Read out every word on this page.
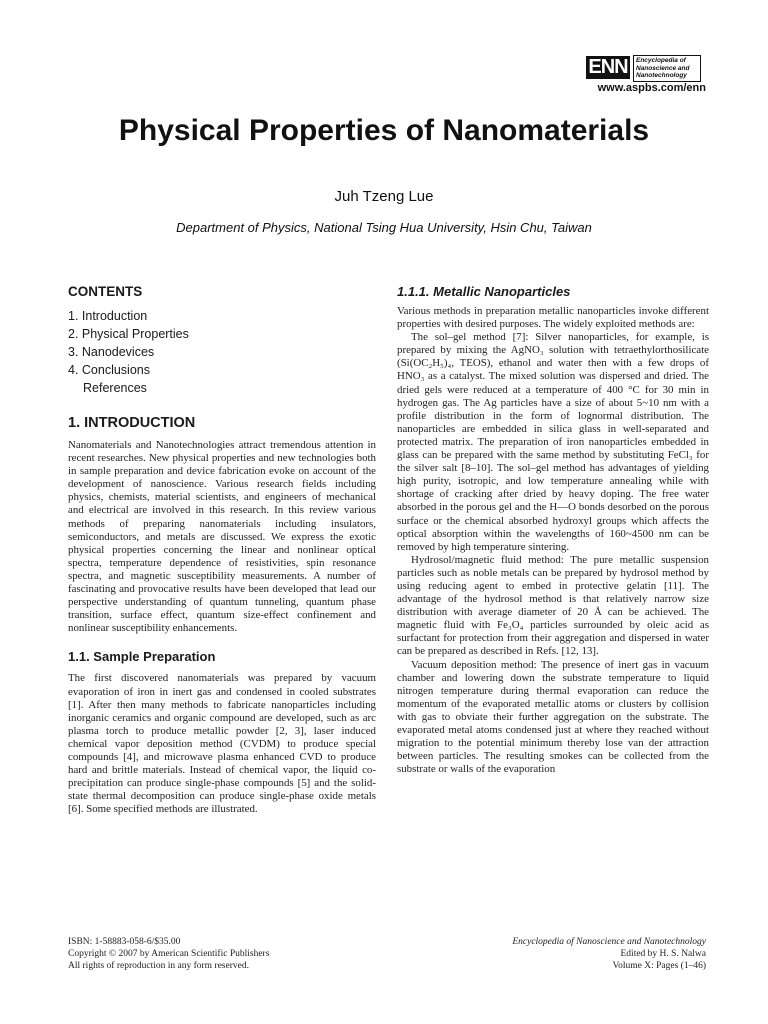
ENN	Encyclopedia of
Nanoscience and
Nanotechnology
www.aspbs.com/enn
Physical Properties of Nanomaterials
Juh Tzeng Lue
Department of Physics, National Tsing Hua University, Hsin Chu, Taiwan
CONTENTS
1. Introduction
2. Physical Properties
3. Nanodevices
4. Conclusions
References
1. INTRODUCTION

Nanomaterials and Nanotechnologies attract tremendous attention in recent researches. New physical properties and new technologies both in sample preparation and device fabrication evoke on account of the development of nanoscience. Various research fields including physics, chemists, material scientists, and engineers of mechanical and electrical are involved in this research. In this review various methods of preparing nanomaterials including insulators, semiconductors, and metals are discussed. We express the exotic physical properties concerning the linear and nonlinear optical spectra, temperature dependence of resistivities, spin resonance spectra, and magnetic susceptibility measurements. A number of fascinating and provocative results have been developed that lead our perspective understanding of quantum tunneling, quantum phase transition, surface effect, quantum size-effect confinement and nonlinear susceptibility enhancements.

1.1. Sample Preparation

The first discovered nanomaterials was prepared by vacuum evaporation of iron in inert gas and condensed in cooled substrates [1]. After then many methods to fabricate nanoparticles including inorganic ceramics and organic compound are developed, such as arc plasma torch to produce metallic powder [2, 3], laser induced chemical vapor deposition method (CVDM) to produce special compounds [4], and microwave plasma enhanced CVD to produce hard and brittle materials. Instead of chemical vapor, the liquid co-precipitation can produce single-phase compounds [5] and the solid-state thermal decomposition can produce single-phase oxide metals [6]. Some specified methods are illustrated.

1.1.1. Metallic Nanoparticles

Various methods in preparation metallic nanoparticles invoke different properties with desired purposes. The widely exploited methods are:

The sol–gel method [7]: Silver nanoparticles, for example, is prepared by mixing the AgNO₃ solution with tetraethylorthosilicate (Si(OC₂H₅)₄, TEOS), ethanol and water then with a few drops of HNO₃ as a catalyst. The mixed solution was dispersed and dried. The dried gels were reduced at a temperature of 400 °C for 30 min in hydrogen gas. The Ag particles have a size of about 5~10 nm with a profile distribution in the form of lognormal distribution. The nanoparticles are embedded in silica glass in well-separated and protected matrix. The preparation of iron nanoparticles embedded in glass can be prepared with the same method by substituting FeCl₃ for the silver salt [8–10]. The sol–gel method has advantages of yielding high purity, isotropic, and low temperature annealing while with shortage of cracking after dried by heavy doping. The free water absorbed in the porous gel and the H—O bonds desorbed on the porous surface or the chemical absorbed hydroxyl groups which affects the optical absorption within the wavelengths of 160~4500 nm can be removed by high temperature sintering.

Hydrosol/magnetic fluid method: The pure metallic suspension particles such as noble metals can be prepared by hydrosol method by using reducing agent to embed in protective gelatin [11]. The advantage of the hydrosol method is that relatively narrow size distribution with average diameter of 20 Å can be achieved. The magnetic fluid with Fe₃O₄ particles surrounded by oleic acid as surfactant for protection from their aggregation and dispersed in water can be prepared as described in Refs. [12, 13].

Vacuum deposition method: The presence of inert gas in vacuum chamber and lowering down the substrate temperature to liquid nitrogen temperature during thermal evaporation can reduce the momentum of the evaporated metallic atoms or clusters by collision with gas to obviate their further aggregation on the substrate. The evaporated metal atoms condensed just at where they reached without migration to the potential minimum thereby lose van der attraction between particles. The resulting smokes can be collected from the substrate or walls of the evaporation

ISBN: 1-58883-058-6/$35.00
Copyright © 2007 by American Scientific Publishers
All rights of reproduction in any form reserved.
Encyclopedia of Nanoscience and Nanotechnology
Edited by H. S. Nalwa
Volume X: Pages (1–46)
